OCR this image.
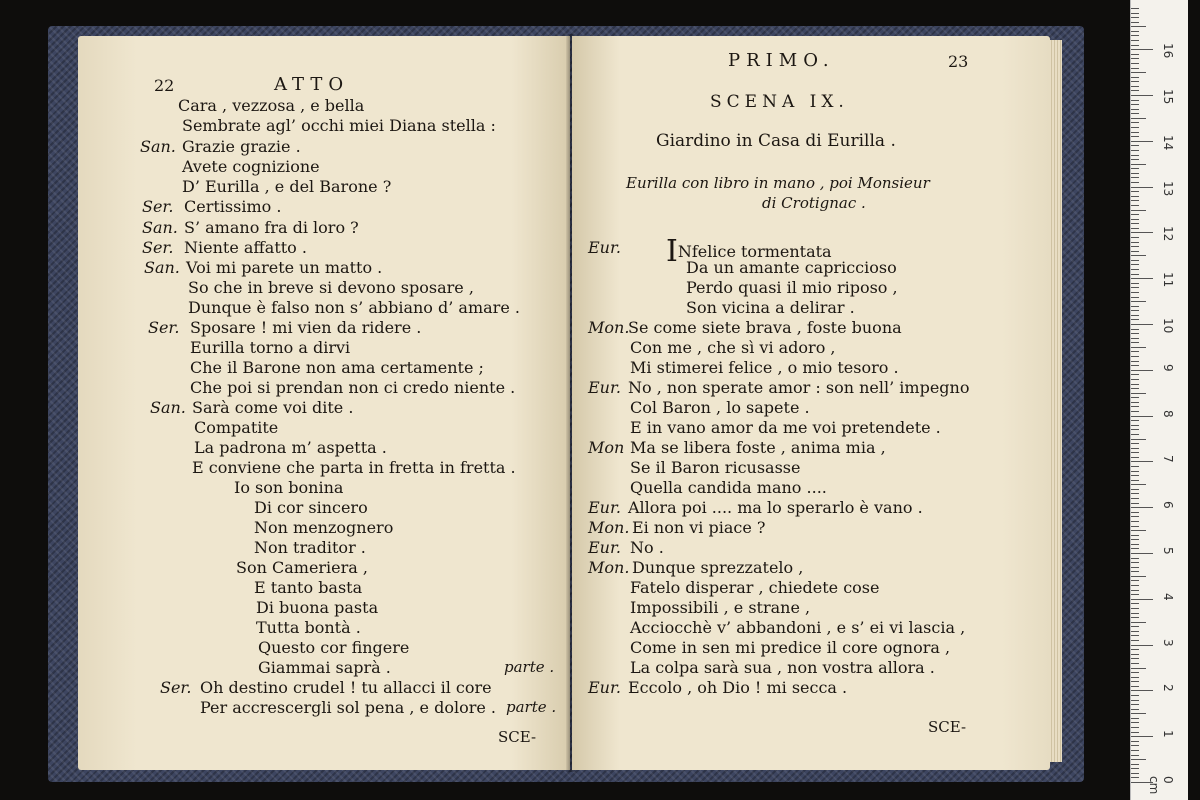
22	ATTO
Cara , vezzosa , e bella
Sembrate agl’ occhi miei Diana stella :
San. Grazie grazie .
Avete cognizione
D’ Eurilla , e del Barone ?
Ser. Certissimo .
San. S’ amano fra di loro ?
Ser. Niente affatto .
San. Voi mi parete un matto .
So che in breve si devono sposare ,
Dunque è falso non s’ abbiano d’ amare .
Ser. Sposare ! mi vien da ridere .
Eurilla torno a dirvi
Che il Barone non ama certamente ;
Che poi si prendan non ci credo niente .
San. Sarà come voi dite .
Compatite
La padrona m’ aspetta .
E conviene che parta in fretta in fretta .
Io son bonina
Di cor sincero
Non menzognero
Non traditor .
Son Cameriera ,
E tanto basta
Di buona pasta
Tutta bontà .
Questo cor fingere
Giammai saprà .	parte .
Ser. Oh destino crudel ! tu allacci il core
Per accrescergli sol pena , e dolore . parte .
SCE-
PRIMO.	23
SCENA IX.
Giardino in Casa di Eurilla .
Eurilla con libro in mano , poi Monsieur
di Crotignac .
Eur. INfelice tormentata
Da un amante capriccioso
Perdo quasi il mio riposo ,
Son vicina a delirar .
Mon.
Se come siete brava , foste buona
Con me , che sì vi adoro ,
Mi stimerei felice , o mio tesoro .
Eur. No , non sperate amor : son nell’ impegno
Col Baron , lo sapete .
E in vano amor da me voi pretendete .
Mon Ma se libera foste , anima mia ,
Se il Baron ricusasse
Quella candida mano ....
Eur. Allora poi .... ma lo sperarlo è vano .
Mon. Ei non vi piace ?
Eur. No .
Mon. Dunque sprezzatelo ,
Fatelo disperar , chiedete cose
Impossibili , e strane ,
Acciocchè v’ abbandoni , e s’ ei vi lascia ,
Come in sen mi predice il core ognora ,
La colpa sarà sua , non vostra allora .
Eur. Eccolo , oh Dio ! mi secca .
SCE-
0 cm
1
2
3
4
5
6
7
8
9
10
11
12
13
14
15
16
